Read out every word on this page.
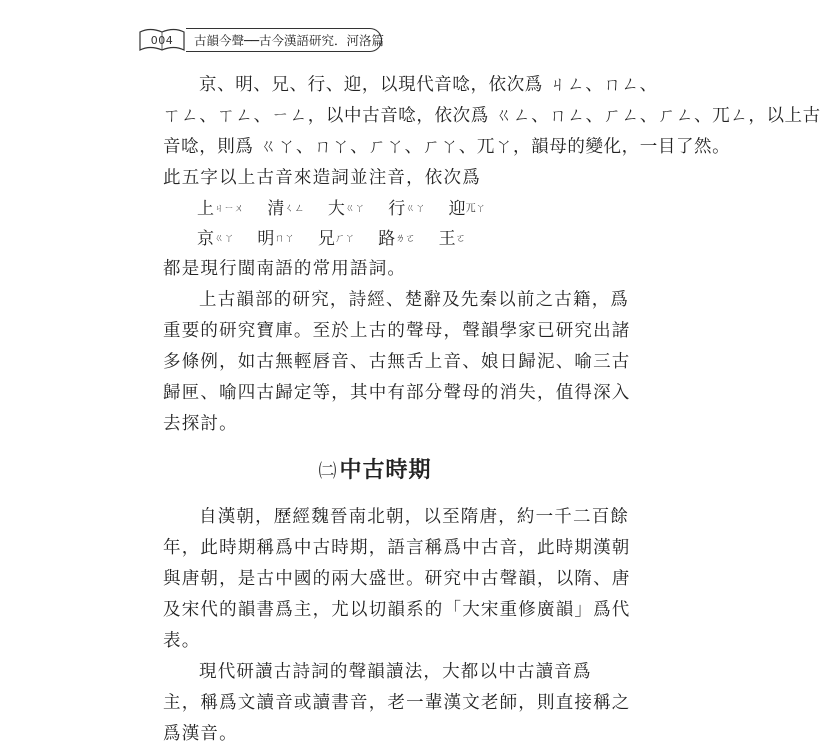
004	古韻今聲──古今漢語研究．河洛篇
京、明、兄、行、迎，以現代音唸，依次爲 ㄐㄥ、ㄇㄥ、
ㄒㄥ、ㄒㄥ、ㄧㄥ，以中古音唸，依次爲 ㄍㄥ、ㄇㄥ、ㄏㄥ、ㄏㄥ、ㄫㄥ，以上古
音唸，則爲 ㄍㄚ、ㄇㄚ、ㄏㄚ、ㄏㄚ、ㄫㄚ，韻母的變化，一目了然。
此五字以上古音來造詞並注音，依次爲
上ㄐㄧㄨ 清ㄑㄥ 大ㄍㄚ 行ㄍㄚ 迎ㄫㄚ
京ㄍㄚ 明ㄇㄚ 兄ㄏㄚ 路ㄌㄛ 王ㄛ
都是現行閩南語的常用語詞。
上古韻部的研究，詩經、楚辭及先秦以前之古籍，爲
重要的研究寶庫。至於上古的聲母，聲韻學家已研究出諸
多條例，如古無輕唇音、古無舌上音、娘日歸泥、喻三古
歸匣、喻四古歸定等，其中有部分聲母的消失，值得深入
去探討。
㈡中古時期
自漢朝，歷經魏晉南北朝，以至隋唐，約一千二百餘
年，此時期稱爲中古時期，語言稱爲中古音，此時期漢朝
與唐朝，是古中國的兩大盛世。研究中古聲韻，以隋、唐
及宋代的韻書爲主，尤以切韻系的「大宋重修廣韻」爲代
表。
現代研讀古詩詞的聲韻讀法，大都以中古讀音爲
主，稱爲文讀音或讀書音，老一輩漢文老師，則直接稱之
爲漢音。
